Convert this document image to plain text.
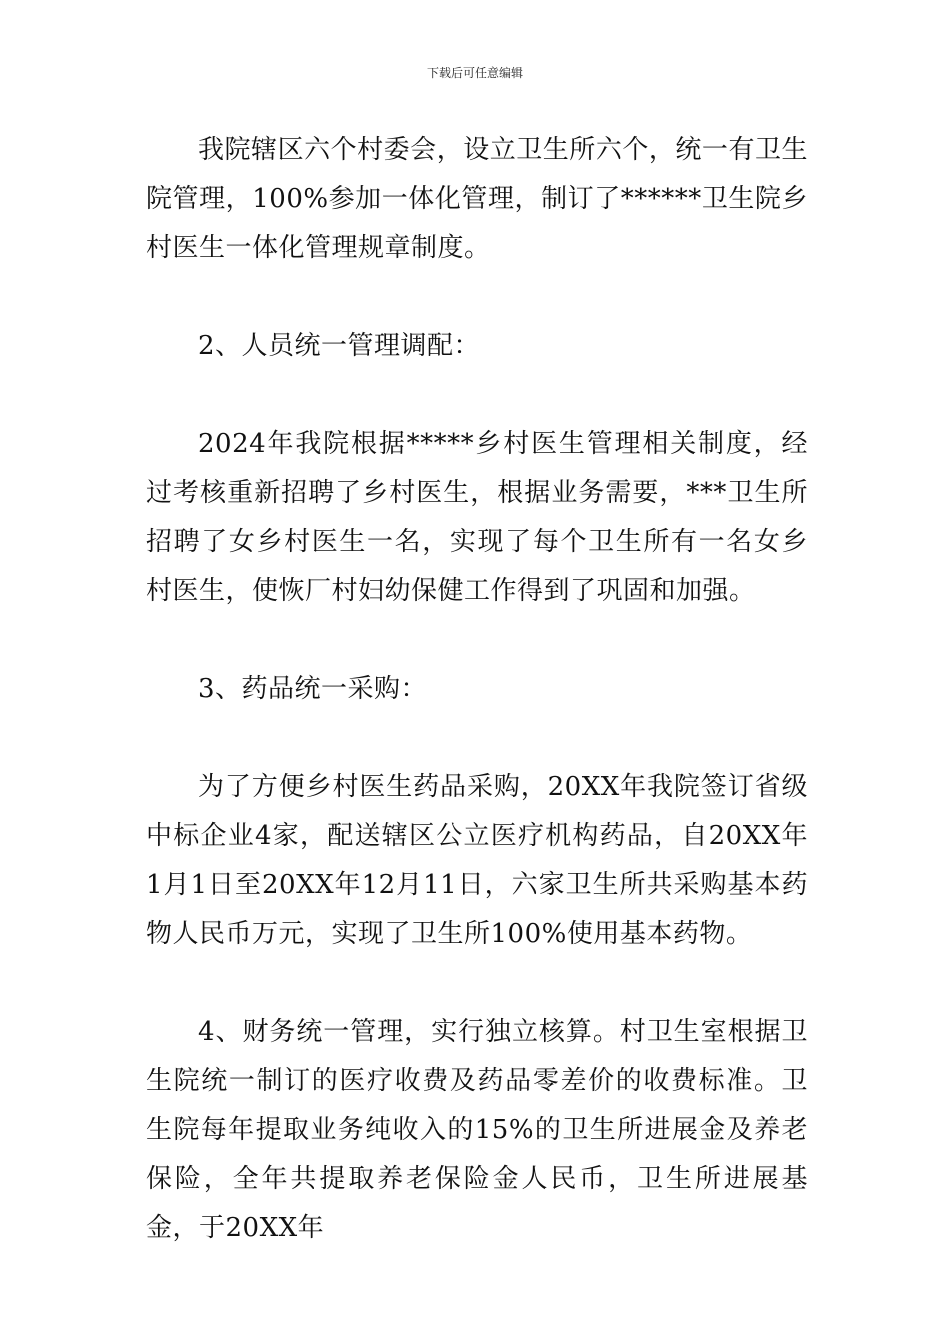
下载后可任意编辑

我院辖区六个村委会，设立卫生所六个，统一有卫生院管理，100%参加一体化管理，制订了******卫生院乡村医生一体化管理规章制度。

2、人员统一管理调配：

2024年我院根据*****乡村医生管理相关制度，经过考核重新招聘了乡村医生，根据业务需要，***卫生所招聘了女乡村医生一名，实现了每个卫生所有一名女乡村医生，使恢厂村妇幼保健工作得到了巩固和加强。

3、药品统一采购：

为了方便乡村医生药品采购，20XX年我院签订省级中标企业4家，配送辖区公立医疗机构药品，自20XX年1月1日至20XX年12月11日，六家卫生所共采购基本药物人民币万元，实现了卫生所100%使用基本药物。

4、财务统一管理，实行独立核算。村卫生室根据卫生院统一制订的医疗收费及药品零差价的收费标准。卫生院每年提取业务纯收入的15%的卫生所进展金及养老保险，全年共提取养老保险金人民币，卫生所进展基金，于20XX年
